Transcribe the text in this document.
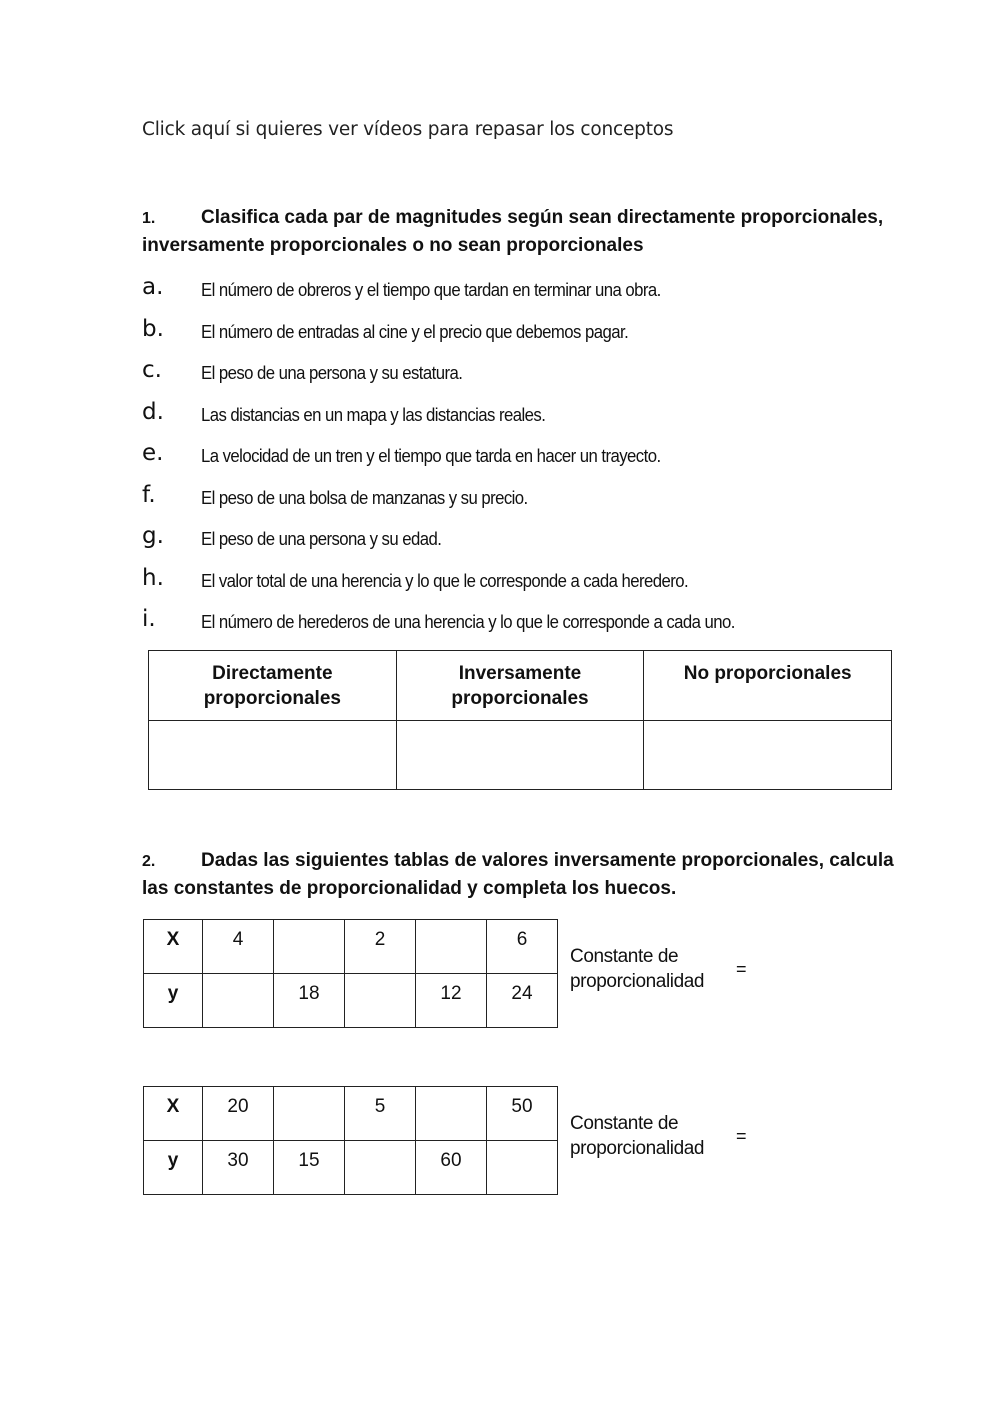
Click aquí si quieres ver vídeos para repasar los conceptos
1. Clasifica cada par de magnitudes según sean directamente proporcionales, inversamente proporcionales o no sean proporcionales
a. El número de obreros y el tiempo que tardan en terminar una obra.
b. El número de entradas al cine y el precio que debemos pagar.
c. El peso de una persona y su estatura.
d. Las distancias en un mapa y las distancias reales.
e. La velocidad de un tren y el tiempo que tarda en hacer un trayecto.
f.	El peso de una bolsa de manzanas y su precio.
g. El peso de una persona y su edad.
h. El valor total de una herencia y lo que le corresponde a cada heredero.
i.	El número de herederos de una herencia y lo que le corresponde a cada uno.
Directamente proporcionales	Inversamente proporcionales	No proporcionales

2. Dadas las siguientes tablas de valores inversamente proporcionales, calcula las constantes de proporcionalidad y completa los huecos.
X	4		2		6
y		18		12	24
Constante de proporcionalidad
=
X	20		5		50
y	30	15		60	
Constante de proporcionalidad
=
